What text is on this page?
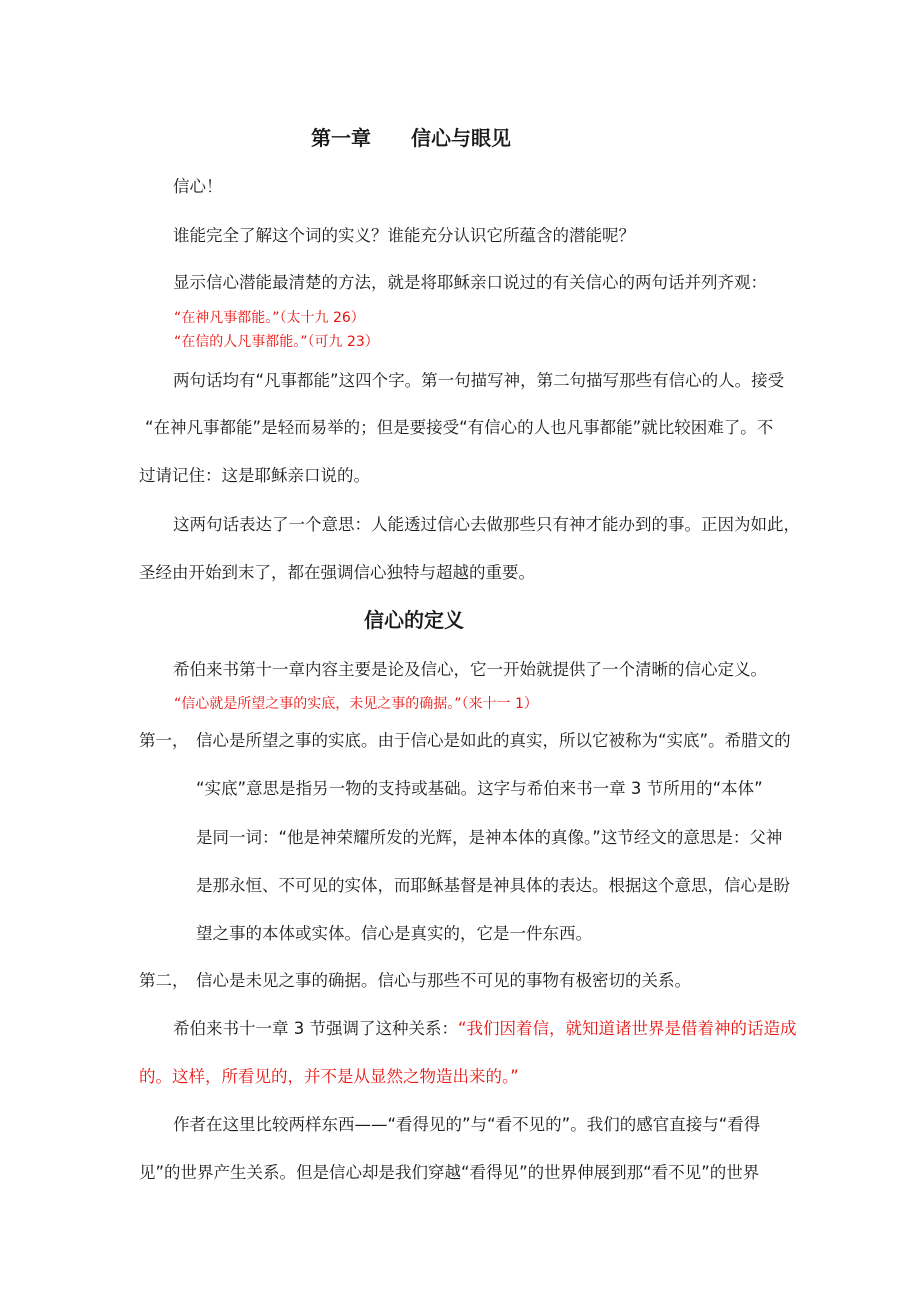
第一章　　信心与眼见
信心！
谁能完全了解这个词的实义？谁能充分认识它所蕴含的潜能呢？
显示信心潜能最清楚的方法，就是将耶稣亲口说过的有关信心的两句话并列齐观：
“在神凡事都能。”（太十九 26）
“在信的人凡事都能。”（可九 23）
两句话均有“凡事都能”这四个字。第一句描写神，第二句描写那些有信心的人。接受
“在神凡事都能”是轻而易举的；但是要接受“有信心的人也凡事都能”就比较困难了。不
过请记住：这是耶稣亲口说的。
这两句话表达了一个意思：人能透过信心去做那些只有神才能办到的事。正因为如此，
圣经由开始到末了，都在强调信心独特与超越的重要。
信心的定义
希伯来书第十一章内容主要是论及信心，它一开始就提供了一个清晰的信心定义。
“信心就是所望之事的实底，未见之事的确据。”（来十一 1）
第一， 信心是所望之事的实底。由于信心是如此的真实，所以它被称为“实底”。希腊文的
“实底”意思是指另一物的支持或基础。这字与希伯来书一章 3 节所用的“本体”
是同一词：“他是神荣耀所发的光辉，是神本体的真像。”这节经文的意思是：父神
是那永恒、不可见的实体，而耶稣基督是神具体的表达。根据这个意思，信心是盼
望之事的本体或实体。信心是真实的，它是一件东西。
第二， 信心是未见之事的确据。信心与那些不可见的事物有极密切的关系。
希伯来书十一章 3 节强调了这种关系：“我们因着信，就知道诸世界是借着神的话造成
的。这样，所看见的，并不是从显然之物造出来的。”
作者在这里比较两样东西——“看得见的”与“看不见的”。我们的感官直接与“看得
见”的世界产生关系。但是信心却是我们穿越“看得见”的世界伸展到那“看不见”的世界
